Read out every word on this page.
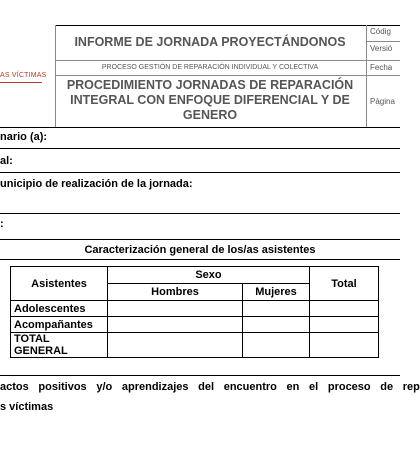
AS VÍCTIMAS
INFORME DE JORNADA PROYECTÁNDONOS
PROCESO GESTIÓN DE REPARACIÓN INDIVIDUAL Y COLECTIVA
PROCEDIMIENTO JORNADAS DE REPARACIÓN
INTEGRAL CON ENFOQUE DIFERENCIAL Y DE
GENERO
Códig
Versió
Fecha
Página
nario (a):
al:
unicipio de realización de la jornada:
:
Caracterización general de los/as asistentes
Asistentes	Sexo		Total
	Hombres	Mujeres	
Adolescentes			
Acompañantes			
TOTAL GENERAL			
actos positivos y/o aprendizajes del encuentro en el proceso de rep
s víctimas
